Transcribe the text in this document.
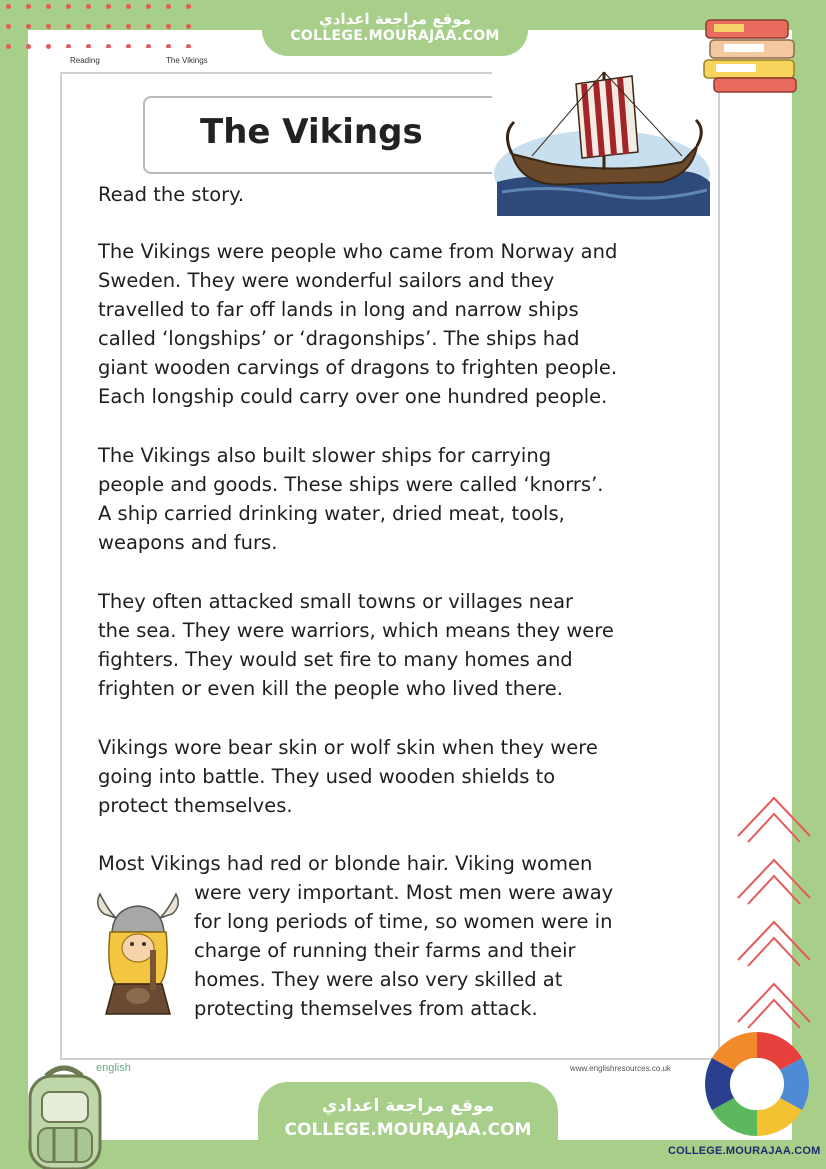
Reading	The Vikings
The Vikings
Read the story.
The Vikings were people who came from Norway and
Sweden. They were wonderful sailors and they
travelled to far off lands in long and narrow ships
called ‘longships’ or ‘dragonships’. The ships had
giant wooden carvings of dragons to frighten people.
Each longship could carry over one hundred people.
The Vikings also built slower ships for carrying
people and goods. These ships were called ‘knorrs’.
A ship carried drinking water, dried meat, tools,
weapons and furs.
They often attacked small towns or villages near
the sea. They were warriors, which means they were
fighters. They would set fire to many homes and
frighten or even kill the people who lived there.
Vikings wore bear skin or wolf skin when they were
going into battle. They used wooden shields to
protect themselves.
Most Vikings had red or blonde hair. Viking women
were very important. Most men were away
for long periods of time, so women were in
charge of running their farms and their
homes. They were also very skilled at
protecting themselves from attack.
english	www.englishresources.co.uk
موقع مراجعة اعدادي
COLLEGE.MOURAJAA.COM
موقع مراجعة اعدادي
COLLEGE.MOURAJAA.COM
COLLEGE.MOURAJAA.COM
